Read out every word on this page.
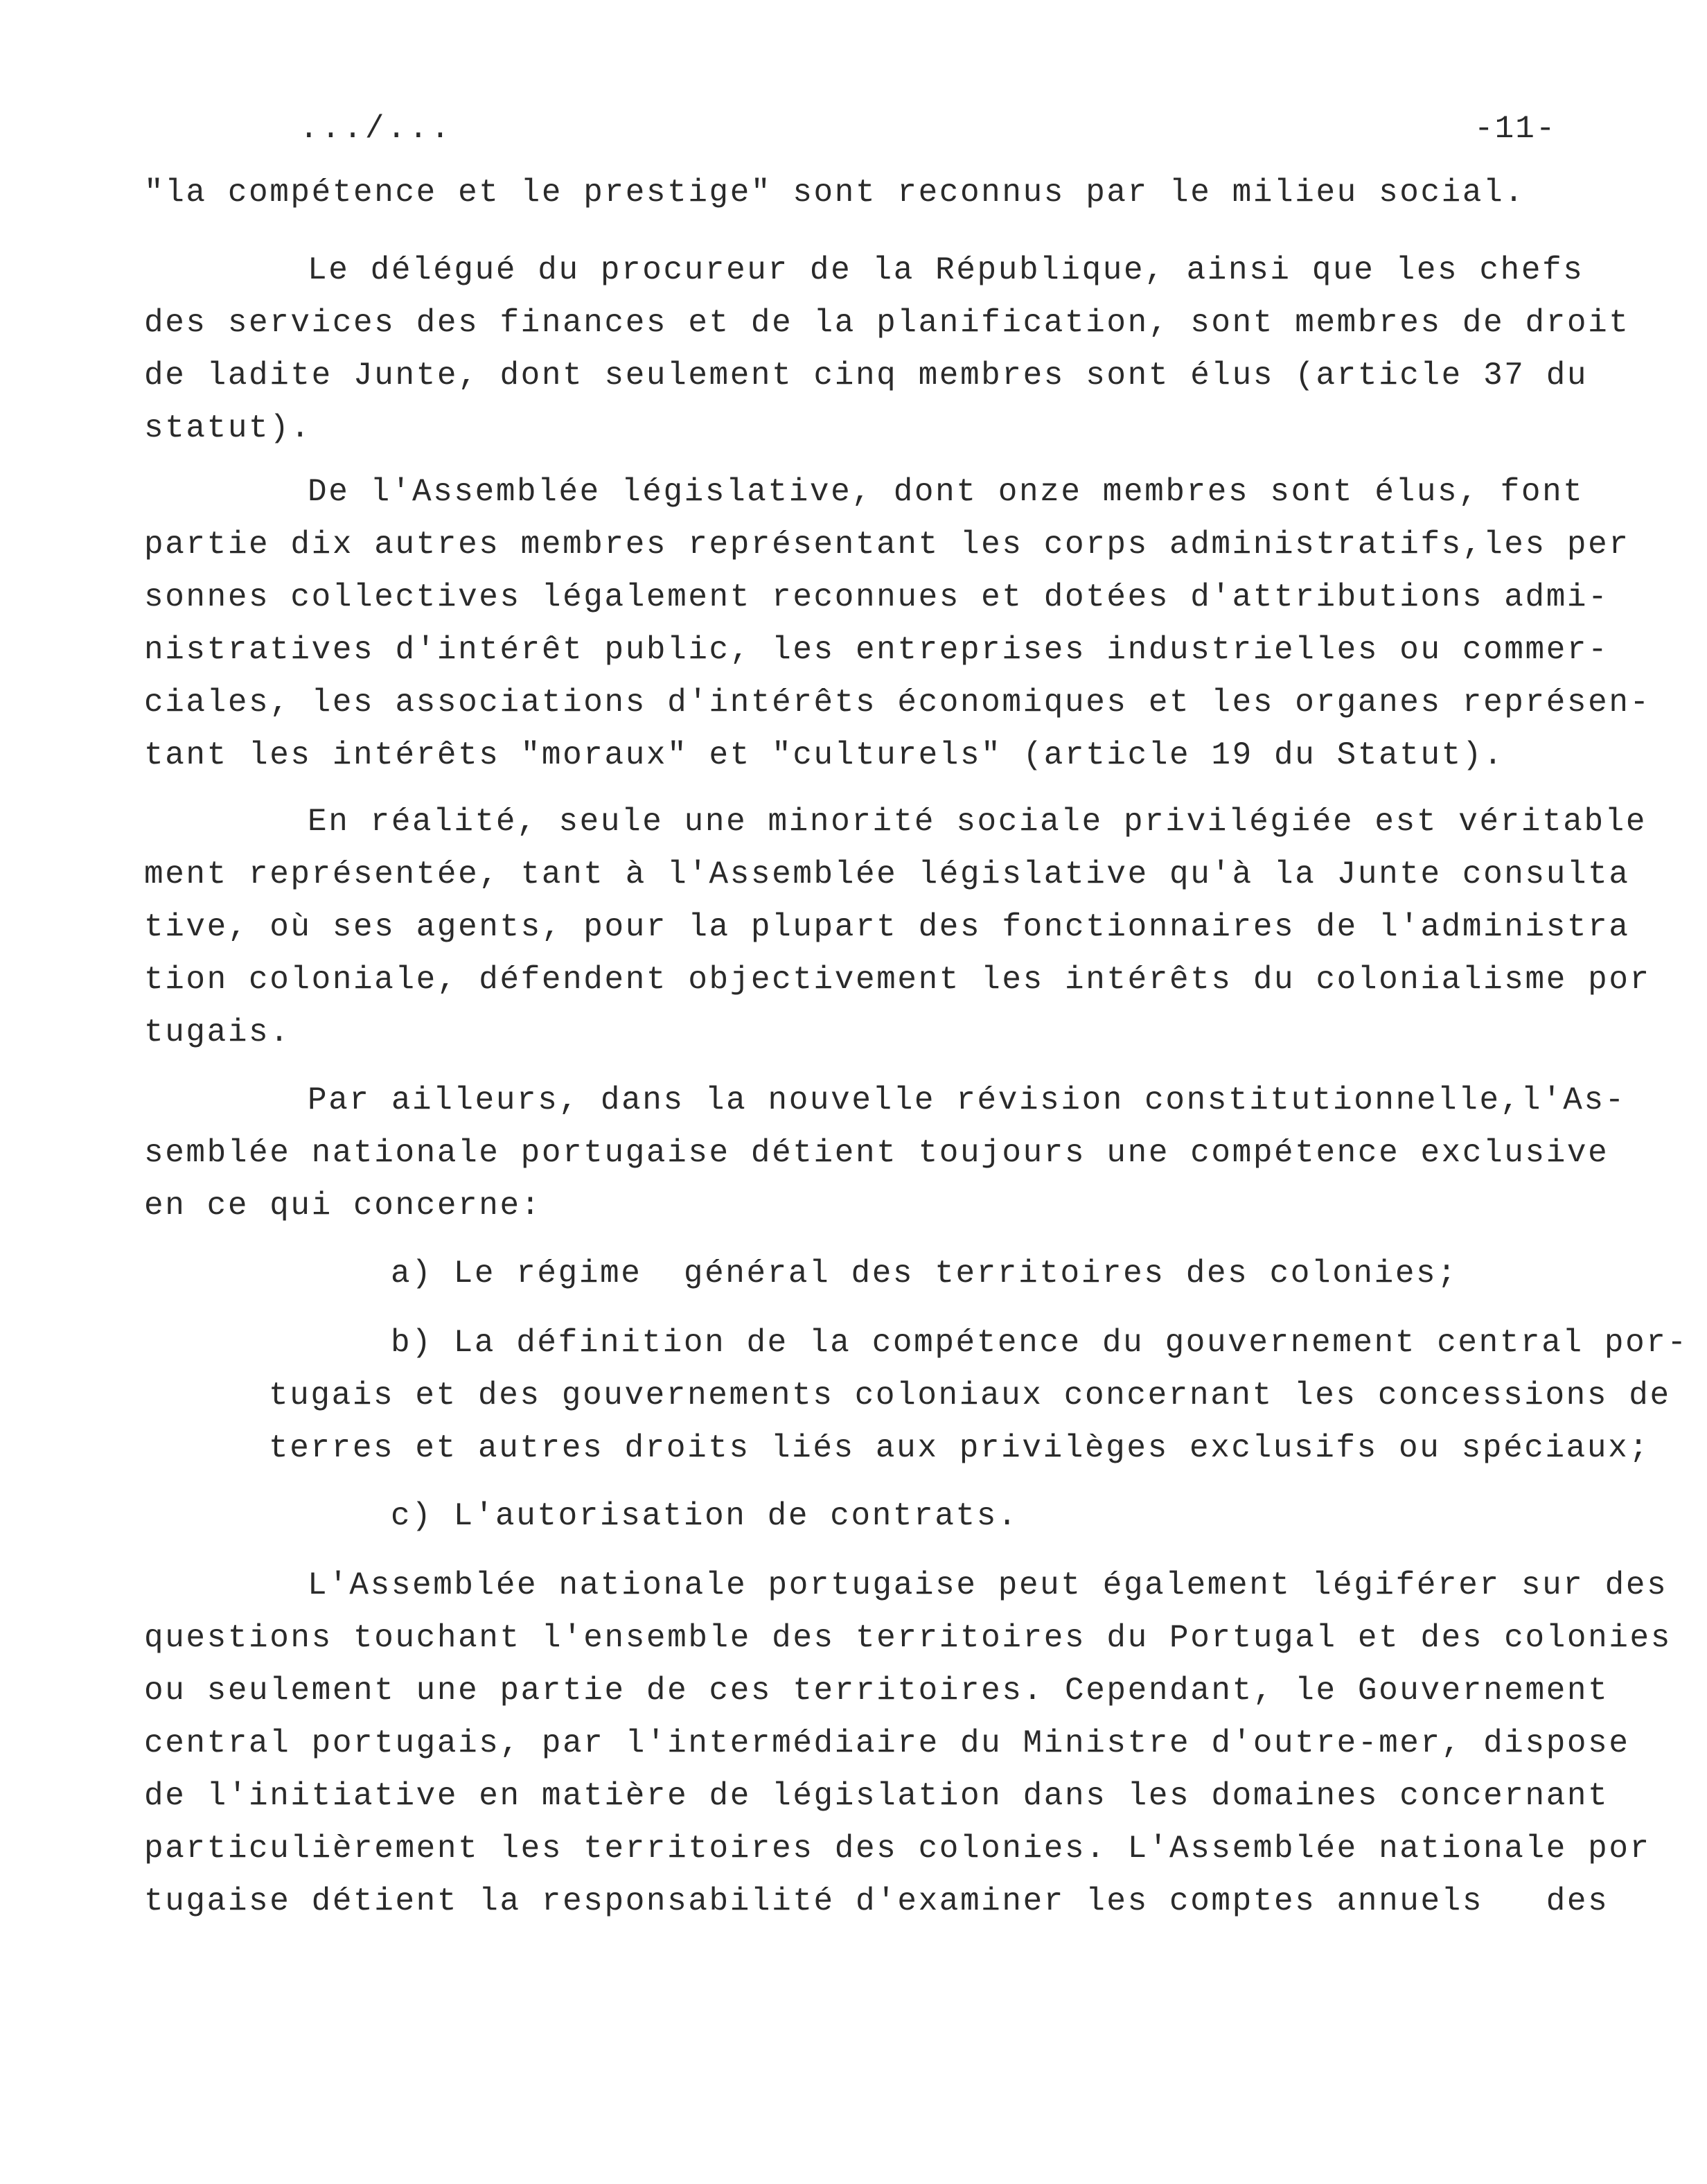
.../...	-11-
"la compétence et le prestige" sont reconnus par le milieu social.
Le délégué du procureur de la République, ainsi que les chefs
des services des finances et de la planification, sont membres de droit
de ladite Junte, dont seulement cinq membres sont élus (article 37 du
statut).
De l'Assemblée législative, dont onze membres sont élus, font
partie dix autres membres représentant les corps administratifs,les per
sonnes collectives légalement reconnues et dotées d'attributions admi-
nistratives d'intérêt public, les entreprises industrielles ou commer-
ciales, les associations d'intérêts économiques et les organes représen-
tant les intérêts "moraux" et "culturels" (article 19 du Statut).
En réalité, seule une minorité sociale privilégiée est véritable
ment représentée, tant à l'Assemblée législative qu'à la Junte consulta
tive, où ses agents, pour la plupart des fonctionnaires de l'administra
tion coloniale, défendent objectivement les intérêts du colonialisme por
tugais.
Par ailleurs, dans la nouvelle révision constitutionnelle,l'As-
semblée nationale portugaise détient toujours une compétence exclusive
en ce qui concerne:
a) Le régime  général des territoires des colonies;
b) La définition de la compétence du gouvernement central por-
tugais et des gouvernements coloniaux concernant les concessions de
terres et autres droits liés aux privilèges exclusifs ou spéciaux;
c) L'autorisation de contrats.
L'Assemblée nationale portugaise peut également légiférer sur des
questions touchant l'ensemble des territoires du Portugal et des colonies
ou seulement une partie de ces territoires. Cependant, le Gouvernement
central portugais, par l'intermédiaire du Ministre d'outre-mer, dispose
de l'initiative en matière de législation dans les domaines concernant
particulièrement les territoires des colonies. L'Assemblée nationale por
tugaise détient la responsabilité d'examiner les comptes annuels   des
